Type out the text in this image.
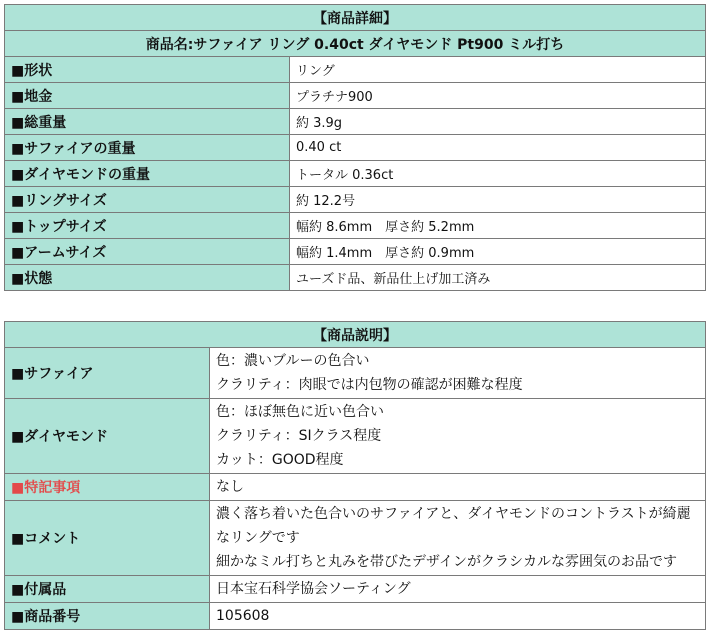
【商品詳細】	
商品名:サファイア リング 0.40ct ダイヤモンド Pt900 ミル打ち	
■形状	リング
■地金	プラチナ900
■総重量	約 3.9g
■サファイアの重量	0.40 ct
■ダイヤモンドの重量	トータル 0.36ct
■リングサイズ	約 12.2号
■トップサイズ	幅約 8.6mm　厚さ約 5.2mm
■アームサイズ	幅約 1.4mm　厚さ約 0.9mm
■状態	ユーズド品、新品仕上げ加工済み
【商品説明】	
■サファイア	色：濃いブルーの色合い
クラリティ：肉眼では内包物の確認が困難な程度

■ダイヤモンド	色：ほぼ無色に近い色合い
クラリティ：SIクラス程度
カット：GOOD程度

■特記事項	なし
■コメント	濃く落ち着いた色合いのサファイアと、ダイヤモンドのコントラストが綺麗なリングです
細かなミル打ちと丸みを帯びたデザインがクラシカルな雰囲気のお品です

■付属品	日本宝石科学協会ソーティング
■商品番号	105608
